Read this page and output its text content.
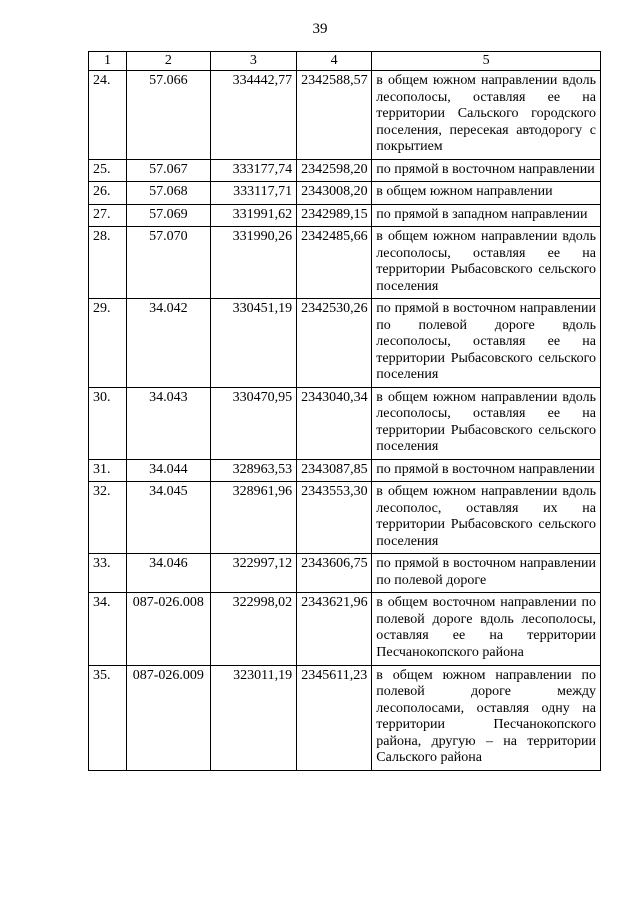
39
1	2	3	4	5
24.	57.066	334442,77	2342588,57	в общем южном направлении вдоль лесополосы, оставляя ее на территории Сальского городского поселения, пересекая автодорогу с покрытием
25.	57.067	333177,74	2342598,20	по прямой в восточном направлении
26.	57.068	333117,71	2343008,20	в общем южном направлении
27.	57.069	331991,62	2342989,15	по прямой в западном направлении
28.	57.070	331990,26	2342485,66	в общем южном направлении вдоль лесополосы, оставляя ее на территории Рыбасовского сельского поселения
29.	34.042	330451,19	2342530,26	по прямой в восточном направлении по полевой дороге вдоль лесополосы, оставляя ее на территории Рыбасовского сельского поселения
30.	34.043	330470,95	2343040,34	в общем южном направлении вдоль лесополосы, оставляя ее на территории Рыбасовского сельского поселения
31.	34.044	328963,53	2343087,85	по прямой в восточном направлении
32.	34.045	328961,96	2343553,30	в общем южном направлении вдоль лесополос, оставляя их на территории Рыбасовского сельского поселения
33.	34.046	322997,12	2343606,75	по прямой в восточном направлении по полевой дороге
34.	087-026.008	322998,02	2343621,96	в общем восточном направлении по полевой дороге вдоль лесополосы, оставляя ее на территории Песчанокопского района
35.	087-026.009	323011,19	2345611,23	в общем южном направлении по полевой дороге между лесополосами, оставляя одну на территории Песчанокопского района, другую – на территории Сальского района
